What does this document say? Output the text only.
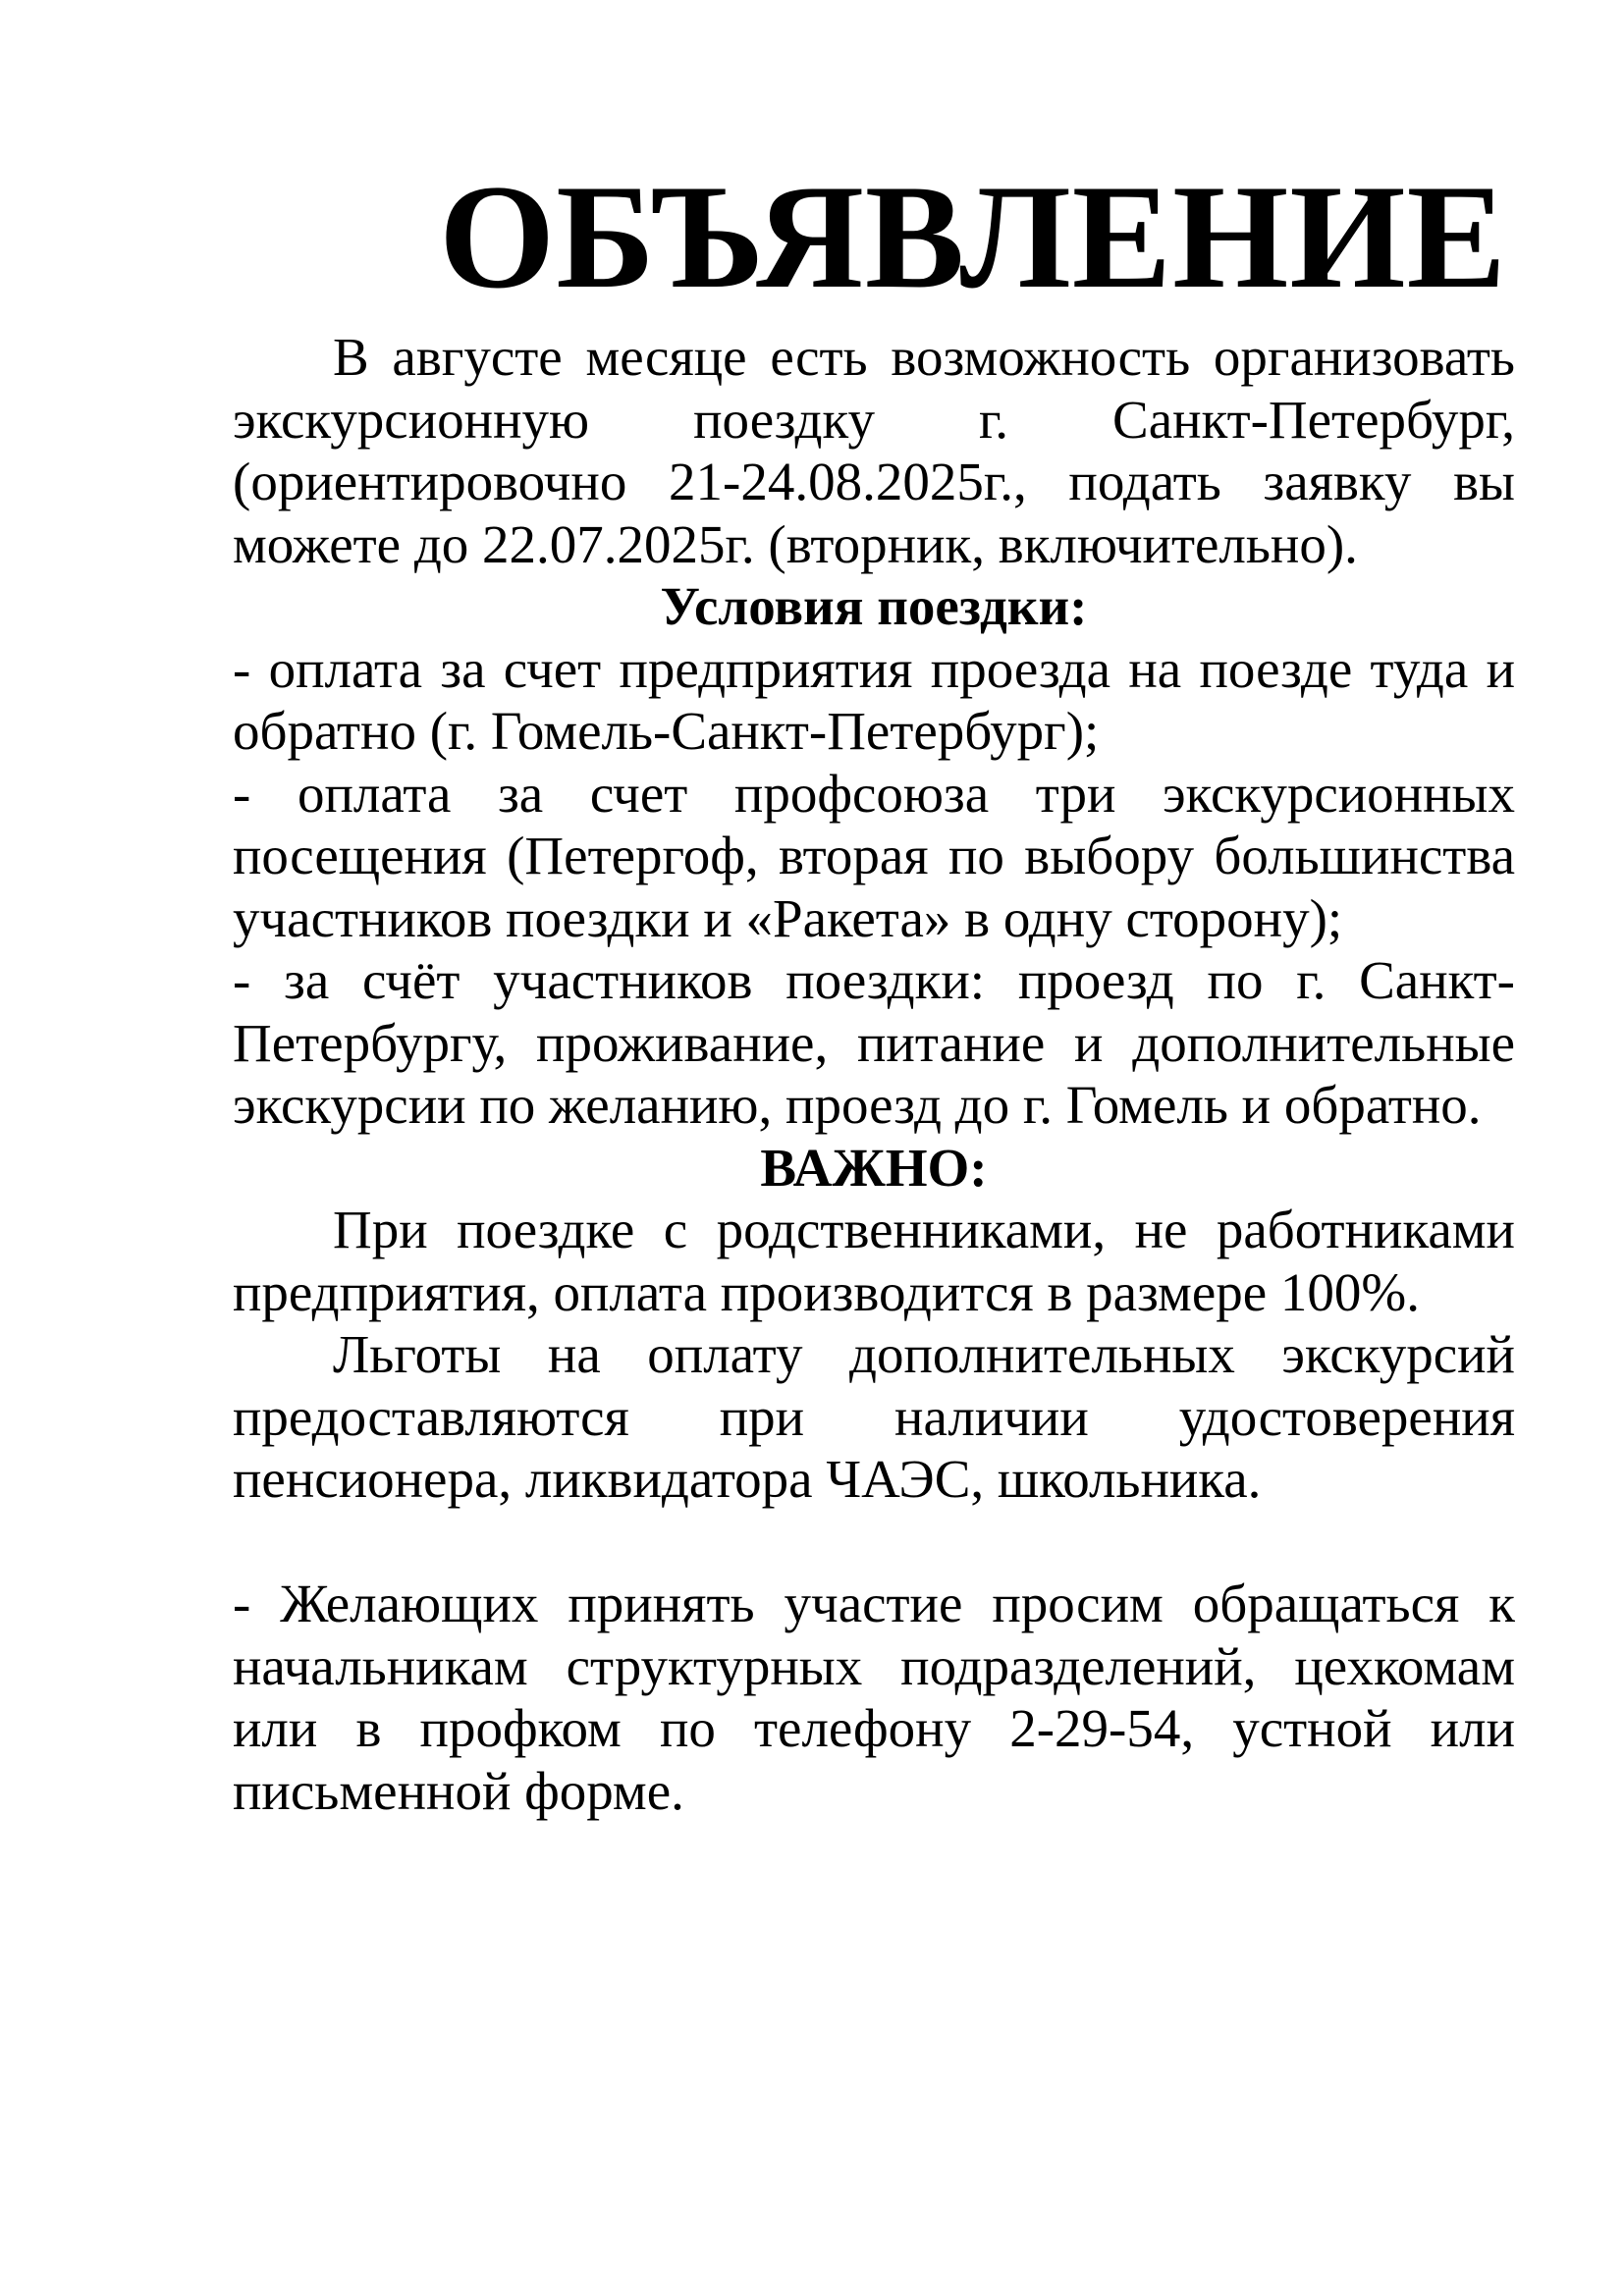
ОБЪЯВЛЕНИЕ

В августе месяце есть возможность организовать экскурсионную поездку г. Санкт-Петербург, (ориентировочно 21-24.08.2025г., подать заявку вы можете до 22.07.2025г. (вторник, включительно).

Условия поездки:

- оплата за счет предприятия проезда на поезде туда и обратно (г. Гомель-Санкт-Петербург);

- оплата за счет профсоюза три экскурсионных посещения (Петергоф, вторая по выбору большинства участников поездки и «Ракета» в одну сторону);

- за счёт участников поездки: проезд по г. Санкт-Петербургу, проживание, питание и дополнительные экскурсии по желанию, проезд до г. Гомель и обратно.

ВАЖНО:

При поездке с родственниками, не работниками предприятия, оплата производится в размере 100%.

Льготы на оплату дополнительных экскурсий предоставляются при наличии удостоверения пенсионера, ликвидатора ЧАЭС, школьника.

- Желающих принять участие просим обращаться к начальникам структурных подразделений, цехкомам или в профком по телефону 2-29-54, устной или письменной форме.
